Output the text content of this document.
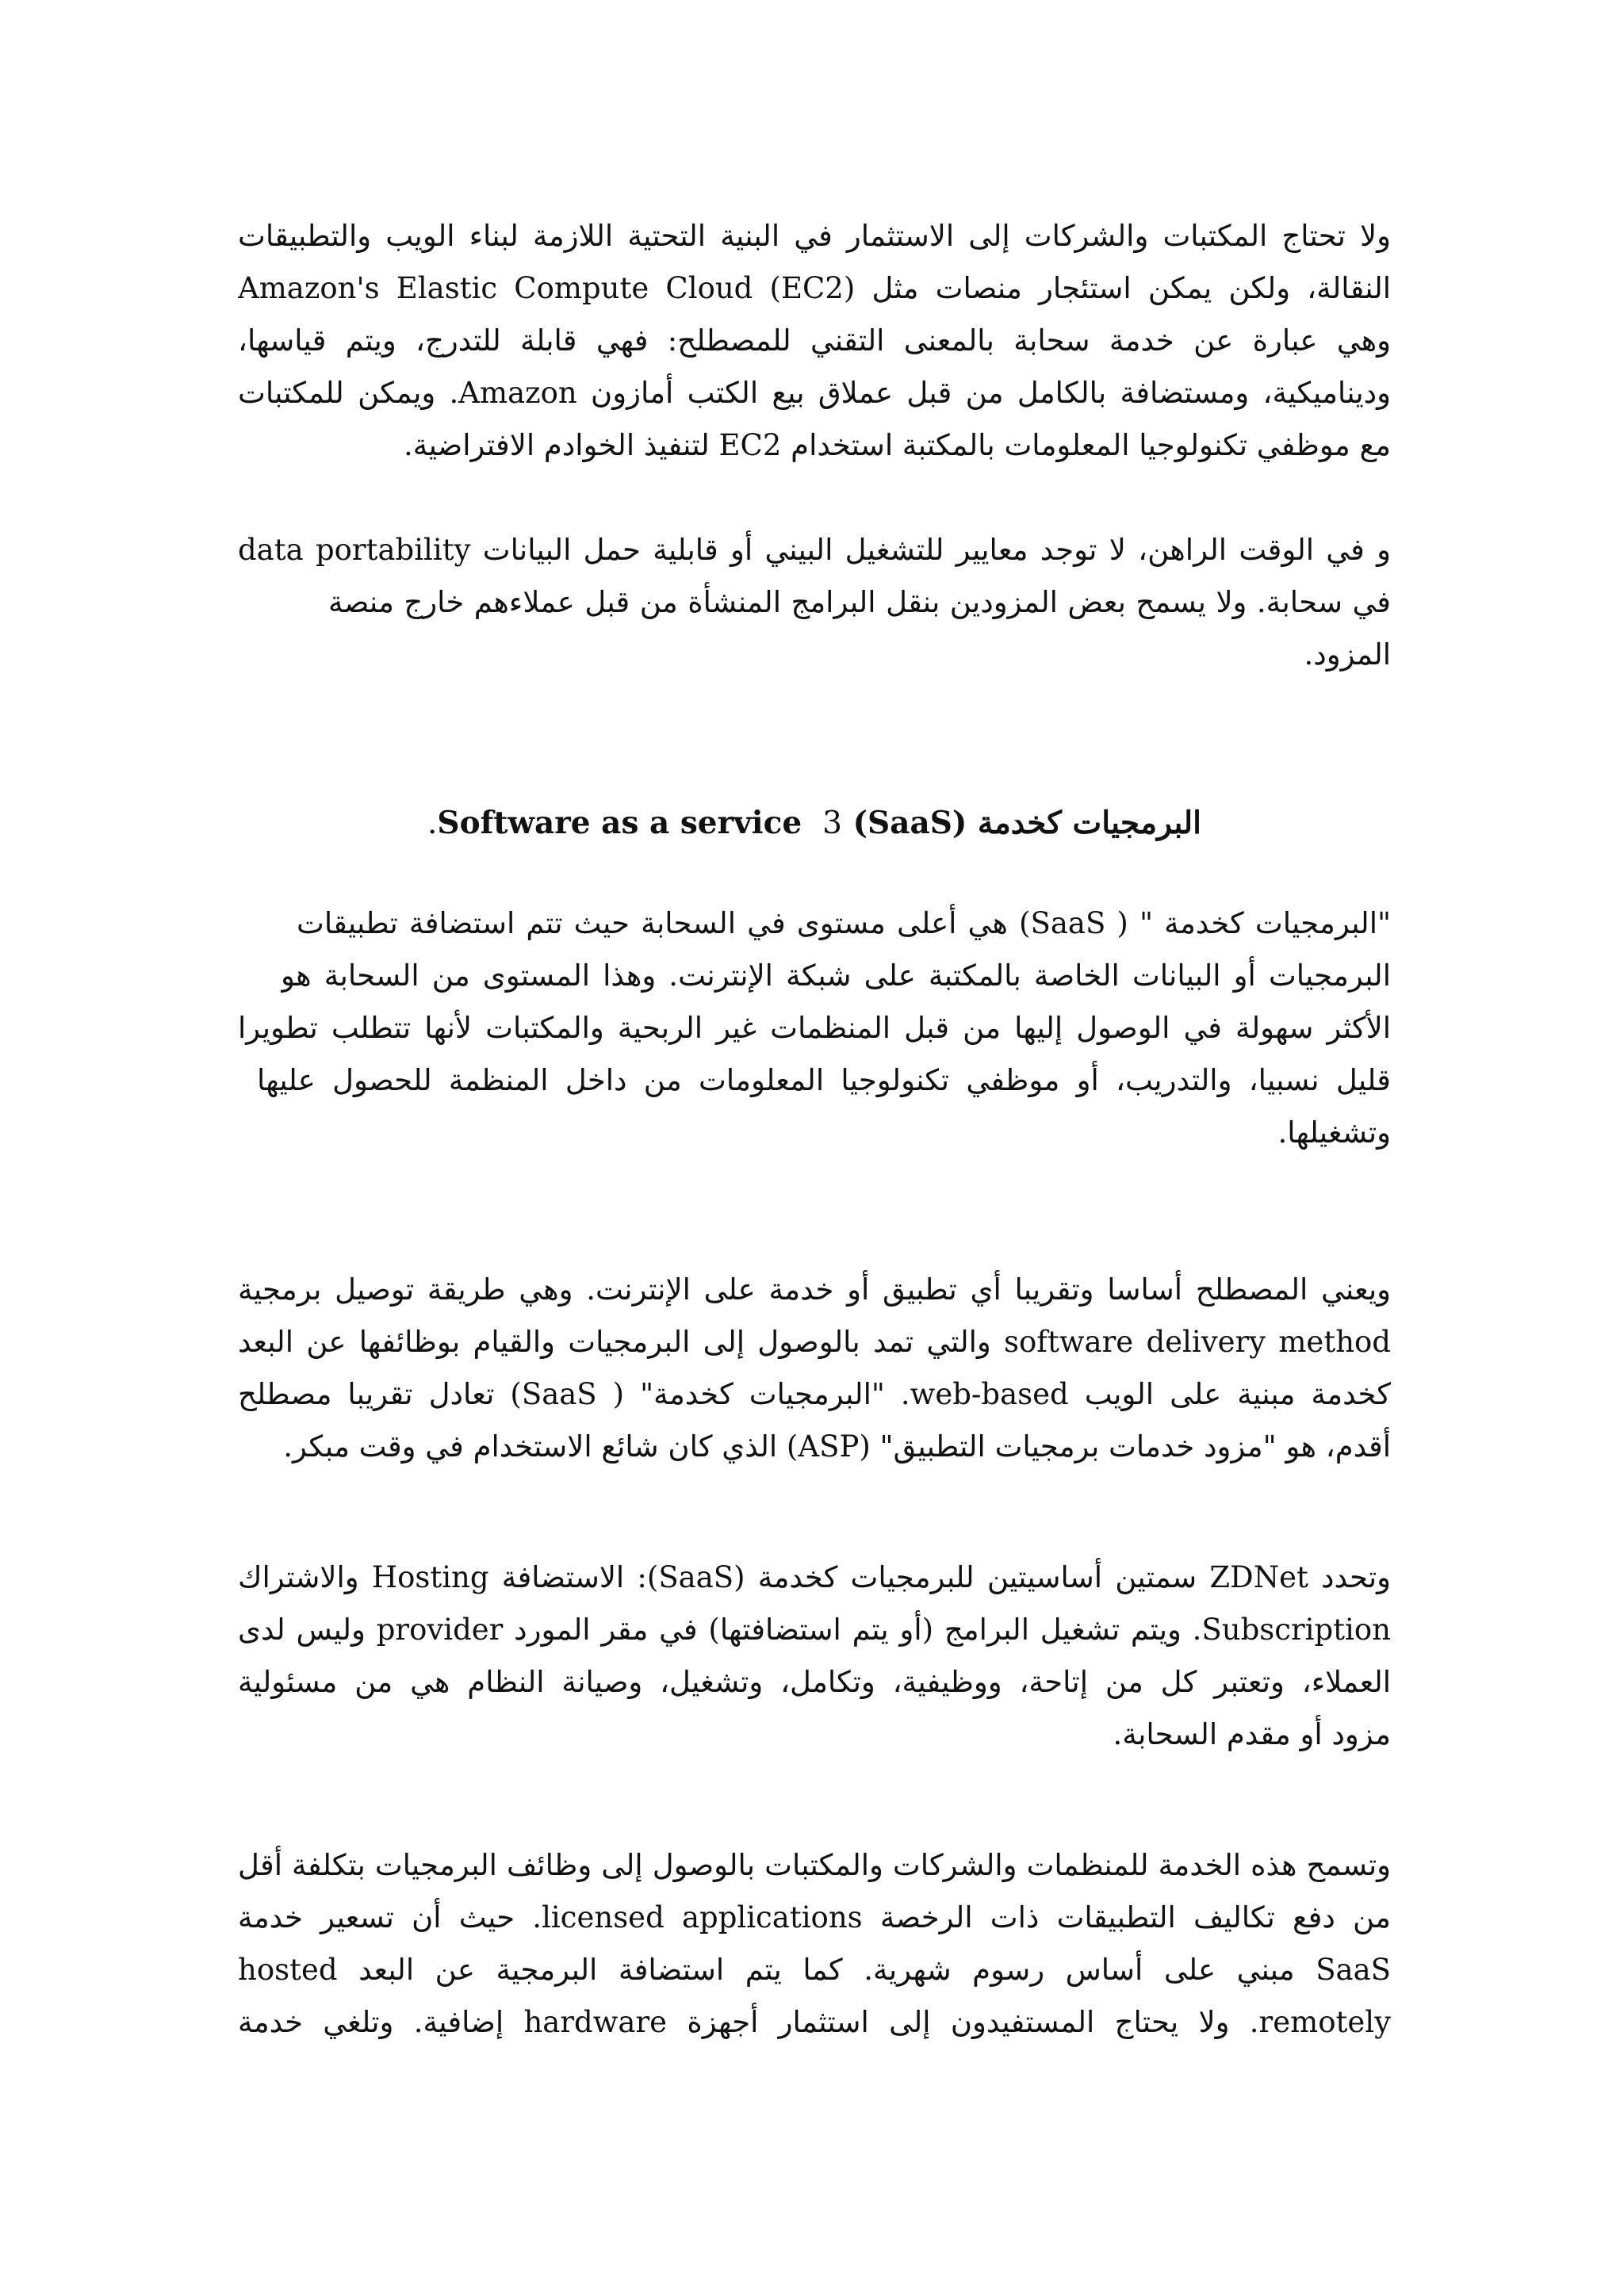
ولا تحتاج المكتبات والشركات إلى الاستثمار في البنية التحتية اللازمة لبناء الويب والتطبيقات
النقالة، ولكن يمكن استئجار منصات مثل Amazon's Elastic Compute Cloud (EC2)
وهي عبارة عن خدمة سحابة بالمعنى التقني للمصطلح: فهي قابلة للتدرج، ويتم قياسها،
وديناميكية، ومستضافة بالكامل من قبل عملاق بيع الكتب أمازون Amazon. ويمكن للمكتبات
مع موظفي تكنولوجيا المعلومات بالمكتبة استخدام EC2 لتنفيذ الخوادم الافتراضية.
و في الوقت الراهن، لا توجد معايير للتشغيل البيني أو قابلية حمل البيانات data portability
في سحابة. ولا يسمح بعض المزودين بنقل البرامج المنشأة من قبل عملاءهم خارج منصة
المزود.
البرمجيات كخدمة (SaaS) Software as a service  3.
"البرمجيات كخدمة " ( SaaS) هي أعلى مستوى في السحابة حيث تتم استضافة تطبيقات
البرمجيات أو البيانات الخاصة بالمكتبة على شبكة الإنترنت. وهذا المستوى من السحابة هو
الأكثر سهولة في الوصول إليها من قبل المنظمات غير الربحية والمكتبات لأنها تتطلب تطويرا
قليل نسبيا، والتدريب، أو موظفي تكنولوجيا المعلومات من داخل المنظمة للحصول عليها
وتشغيلها.
ويعني المصطلح أساسا وتقريبا أي تطبيق أو خدمة على الإنترنت. وهي طريقة توصيل برمجية
software delivery method والتي تمد بالوصول إلى البرمجيات والقيام بوظائفها عن البعد
كخدمة مبنية على الويب web-based. "البرمجيات كخدمة" ( SaaS) تعادل تقريبا مصطلح
أقدم، هو "مزود خدمات برمجيات التطبيق" (ASP) الذي كان شائع الاستخدام في وقت مبكر.
وتحدد ZDNet سمتين أساسيتين للبرمجيات كخدمة (SaaS): الاستضافة Hosting والاشتراك
Subscription. ويتم تشغيل البرامج (أو يتم استضافتها) في مقر المورد provider وليس لدى
العملاء، وتعتبر كل من إتاحة، ووظيفية، وتكامل، وتشغيل، وصيانة النظام هي من مسئولية
مزود أو مقدم السحابة.
وتسمح هذه الخدمة للمنظمات والشركات والمكتبات بالوصول إلى وظائف البرمجيات بتكلفة أقل
من دفع تكاليف التطبيقات ذات الرخصة licensed applications. حيث أن تسعير خدمة
SaaS مبني على أساس رسوم شهرية. كما يتم استضافة البرمجية عن البعد hosted
remotely. ولا يحتاج المستفيدون إلى استثمار أجهزة hardware إضافية. وتلغي خدمة
